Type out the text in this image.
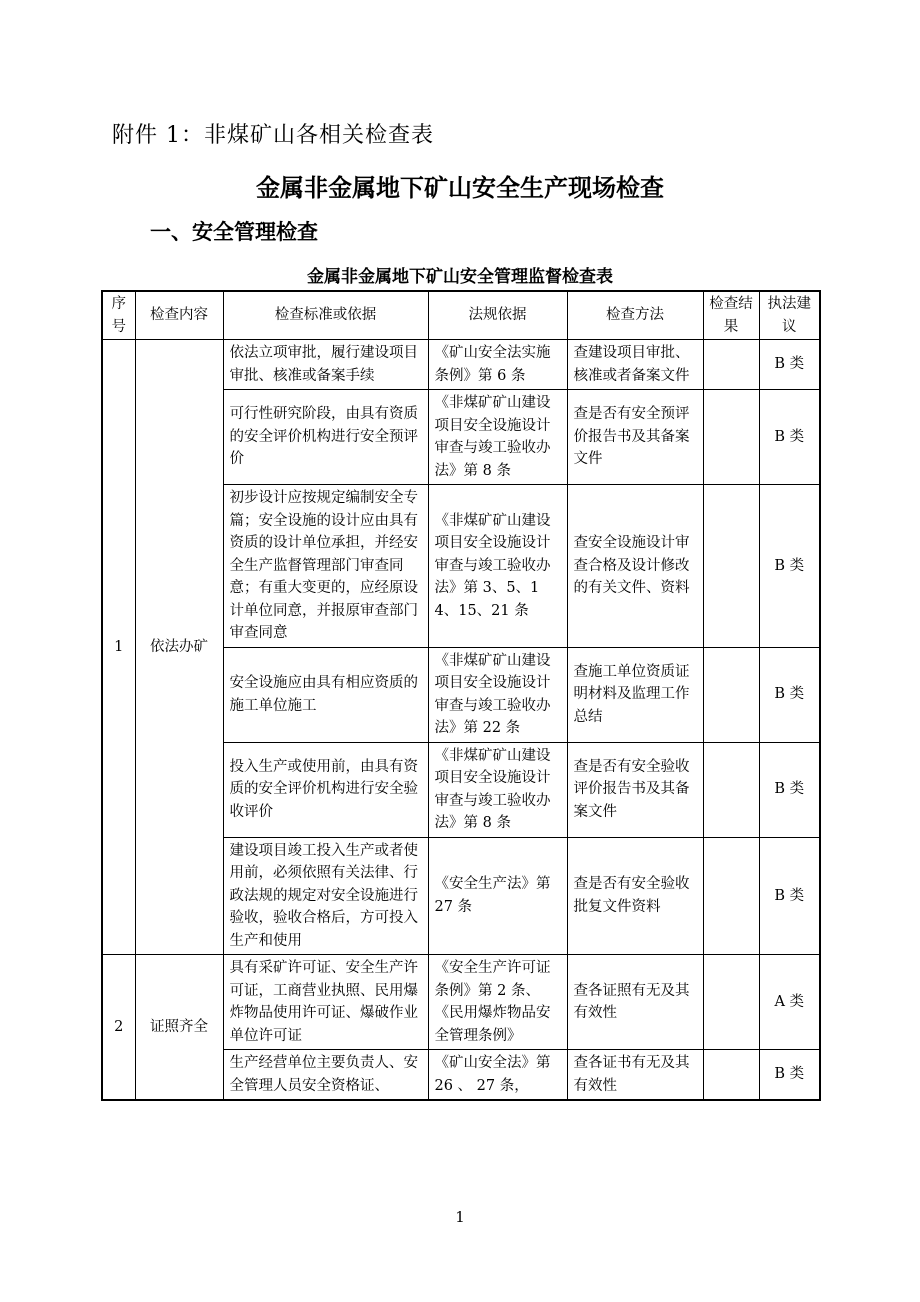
附件 1：非煤矿山各相关检查表
金属非金属地下矿山安全生产现场检查
一、安全管理检查
金属非金属地下矿山安全管理监督检查表
序号	检查内容	检查标准或依据	法规依据	检查方法	检查结果	执法建议
1	依法办矿	依法立项审批，履行建设项目审批、核准或备案手续	《矿山安全法实施条例》第 6 条	查建设项目审批、核准或者备案文件		B 类
		可行性研究阶段，由具有资质的安全评价机构进行安全预评价	《非煤矿矿山建设项目安全设施设计审查与竣工验收办法》第 8 条	查是否有安全预评价报告书及其备案文件		B 类
		初步设计应按规定编制安全专篇；安全设施的设计应由具有资质的设计单位承担，并经安全生产监督管理部门审查同意；有重大变更的，应经原设计单位同意，并报原审查部门审查同意	《非煤矿矿山建设项目安全设施设计审查与竣工验收办法》第 3、5、14、15、21 条	查安全设施设计审查合格及设计修改的有关文件、资料		B 类
		安全设施应由具有相应资质的施工单位施工	《非煤矿矿山建设项目安全设施设计审查与竣工验收办法》第 22 条	查施工单位资质证明材料及监理工作总结		B 类
		投入生产或使用前，由具有资质的安全评价机构进行安全验收评价	《非煤矿矿山建设项目安全设施设计审查与竣工验收办法》第 8 条	查是否有安全验收评价报告书及其备案文件		B 类
		建设项目竣工投入生产或者使用前，必须依照有关法律、行政法规的规定对安全设施进行验收，验收合格后，方可投入生产和使用	《安全生产法》第 27 条	查是否有安全验收批复文件资料		B 类
2	证照齐全	具有采矿许可证、安全生产许可证，工商营业执照、民用爆炸物品使用许可证、爆破作业单位许可证	《安全生产许可证条例》第 2 条、《民用爆炸物品安全管理条例》	查各证照有无及其有效性		A 类
		生产经营单位主要负责人、安全管理人员安全资格证、	《矿山安全法》第 26 、 27 条，	查各证书有无及其有效性		B 类
1
